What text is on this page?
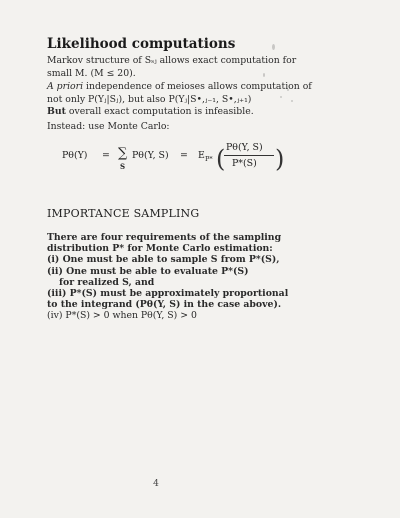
Likelihood computations
Markov structure of Sₛⱼ allows exact computation for
small M. (M ≤ 20).
A priori independence of meioses allows computation of
not only P(Yⱼ|Sⱼ), but also P(Yⱼ|S•,ⱼ₋₁, S•,ⱼ₊₁)
But overall exact computation is infeasible.
Instead: use Monte Carlo:
Pθ(Y) = ∑
S
Pθ(Y, S) = E P* ( Pθ(Y, S)
P*(S) )
IMPORTANCE SAMPLING
There are four requirements of the sampling
distribution P* for Monte Carlo estimation:
(i) One must be able to sample S from P*(S),
(ii) One must be able to evaluate P*(S)
for realized S, and
(iii) P*(S) must be approximately proportional
to the integrand (Pθ(Y, S) in the case above).
(iv) P*(S) > 0 when Pθ(Y, S) > 0
4
